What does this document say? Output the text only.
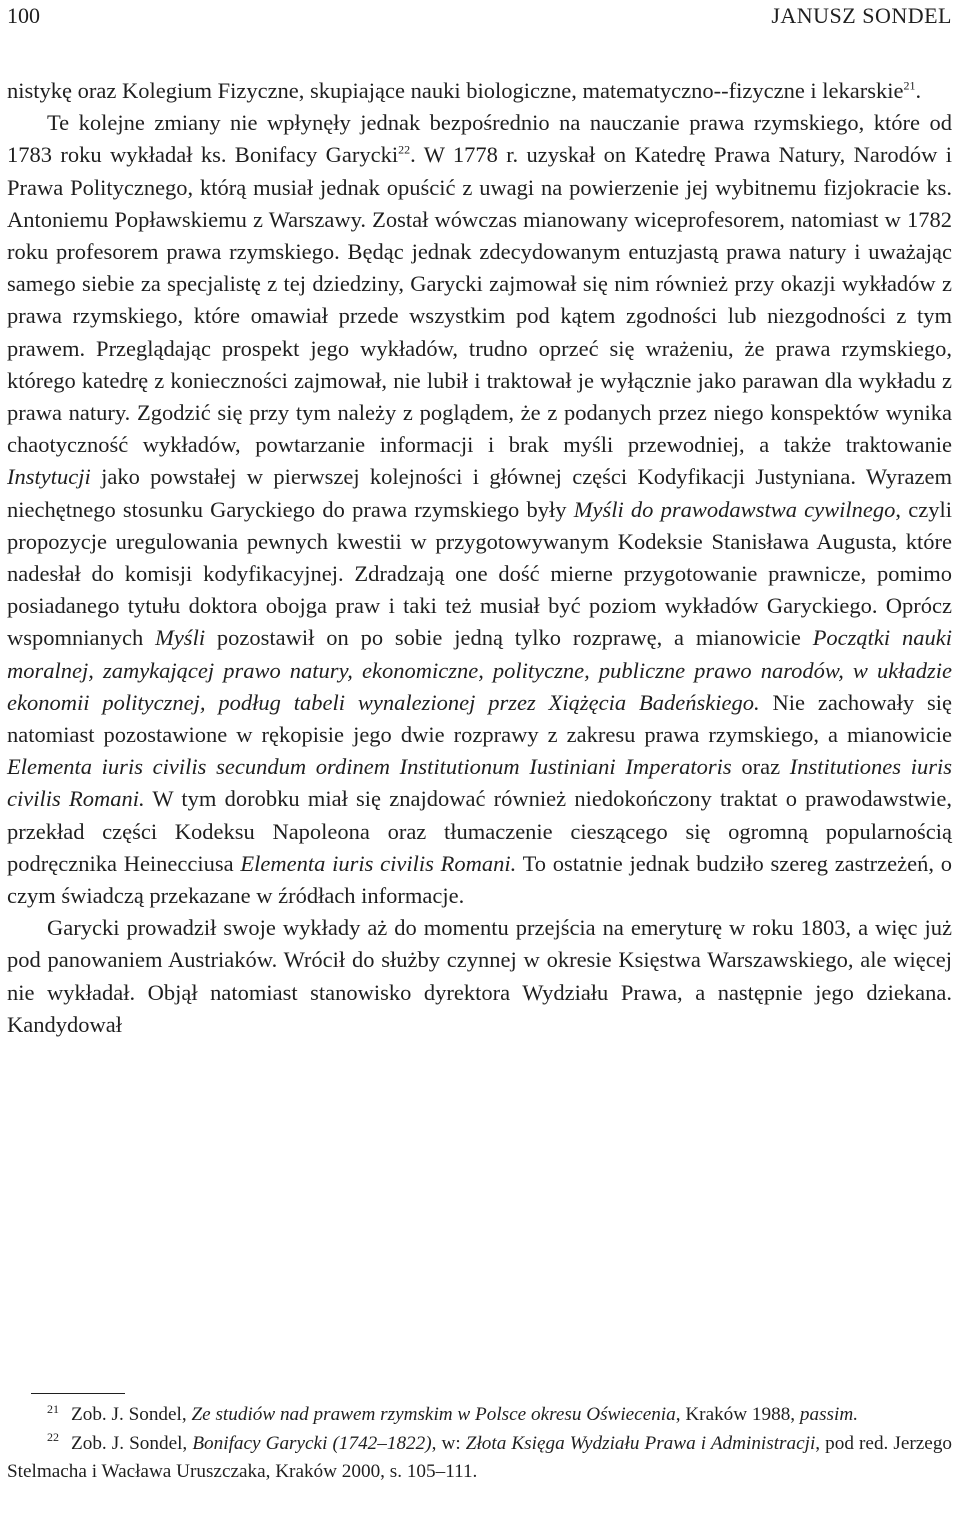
100	JANUSZ SONDEL

nistykę oraz Kolegium Fizyczne, skupiające nauki biologiczne, matematyczno--fizyczne i lekarskie$^{21}$.

Te kolejne zmiany nie wpłynęły jednak bezpośrednio na nauczanie prawa rzymskiego, które od 1783 roku wykładał ks. Bonifacy Garycki$^{22}$. W 1778 r. uzyskał on Katedrę Prawa Natury, Narodów i Prawa Politycznego, którą musiał jednak opuścić z uwagi na powierzenie jej wybitnemu fizjokracie ks. Antoniemu Popławskiemu z Warszawy. Został wówczas mianowany wiceprofesorem, natomiast w 1782 roku profesorem prawa rzymskiego. Będąc jednak zdecydowanym entuzjastą prawa natury i uważając samego siebie za specjalistę z tej dziedziny, Garycki zajmował się nim również przy okazji wykładów z prawa rzymskiego, które omawiał przede wszystkim pod kątem zgodności lub niezgodności z tym prawem. Przeglądając prospekt jego wykładów, trudno oprzeć się wrażeniu, że prawa rzymskiego, którego katedrę z konieczności zajmował, nie lubił i traktował je wyłącznie jako parawan dla wykładu z prawa natury. Zgodzić się przy tym należy z poglądem, że z podanych przez niego konspektów wynika chaotyczność wykładów, powtarzanie informacji i brak myśli przewodniej, a także traktowanie Instytucji jako powstałej w pierwszej kolejności i głównej części Kodyfikacji Justyniana. Wyrazem niechętnego stosunku Garyckiego do prawa rzymskiego były Myśli do prawodawstwa cywilnego, czyli propozycje uregulowania pewnych kwestii w przygotowywanym Kodeksie Stanisława Augusta, które nadesłał do komisji kodyfikacyjnej. Zdradzają one dość mierne przygotowanie prawnicze, pomimo posiadanego tytułu doktora obojga praw i taki też musiał być poziom wykładów Garyckiego. Oprócz wspomnianych Myśli pozostawił on po sobie jedną tylko rozprawę, a mianowicie Początki nauki moralnej, zamykającej prawo natury, ekonomiczne, polityczne, publiczne prawo narodów, w układzie ekonomii politycznej, podług tabeli wynalezionej przez Xiążęcia Badeńskiego. Nie zachowały się natomiast pozostawione w rękopisie jego dwie rozprawy z zakresu prawa rzymskiego, a mianowicie Elementa iuris civilis secundum ordinem Institutionum Iustiniani Imperatoris oraz Institutiones iuris civilis Romani. W tym dorobku miał się znajdować również niedokończony traktat o prawodawstwie, przekład części Kodeksu Napoleona oraz tłumaczenie cieszącego się ogromną popularnością podręcznika Heinecciusa Elementa iuris civilis Romani. To ostatnie jednak budziło szereg zastrzeżeń, o czym świadczą przekazane w źródłach informacje.

Garycki prowadził swoje wykłady aż do momentu przejścia na emeryturę w roku 1803, a więc już pod panowaniem Austriaków. Wrócił do służby czynnej w okresie Księstwa Warszawskiego, ale więcej nie wykładał. Objął natomiast stanowisko dyrektora Wydziału Prawa, a następnie jego dziekana. Kandydował

$^{21}$ Zob. J. Sondel, Ze studiów nad prawem rzymskim w Polsce okresu Oświecenia, Kraków 1988, passim.

$^{22}$ Zob. J. Sondel, Bonifacy Garycki (1742–1822), w: Złota Księga Wydziału Prawa i Administracji, pod red. Jerzego Stelmacha i Wacława Uruszczaka, Kraków 2000, s. 105–111.
